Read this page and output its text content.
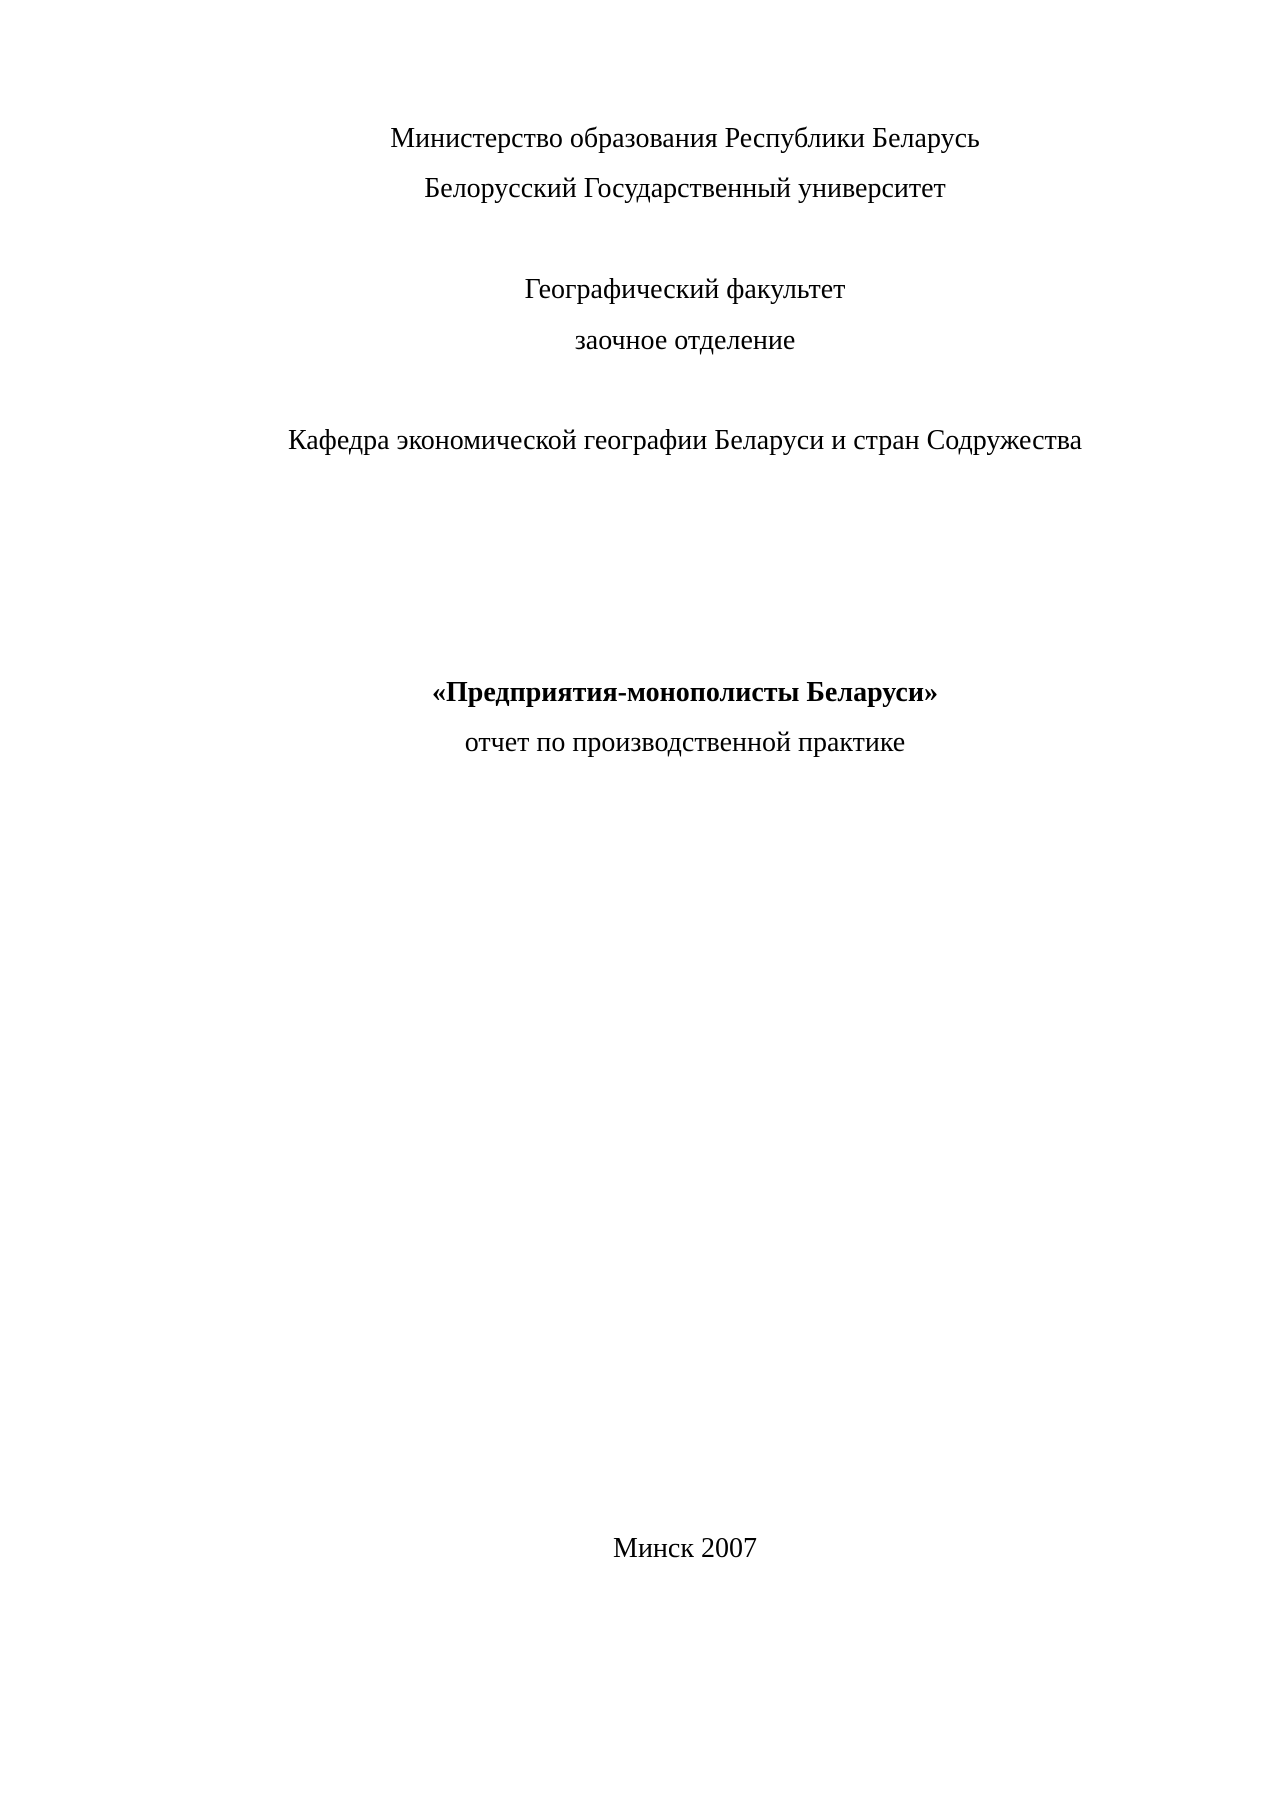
Министерство образования Республики Беларусь
Белорусский Государственный университет
Географический факультет
заочное отделение
Кафедра экономической географии Беларуси и стран Содружества
«Предприятия-монополисты Беларуси»
отчет по производственной практике
Минск 2007
